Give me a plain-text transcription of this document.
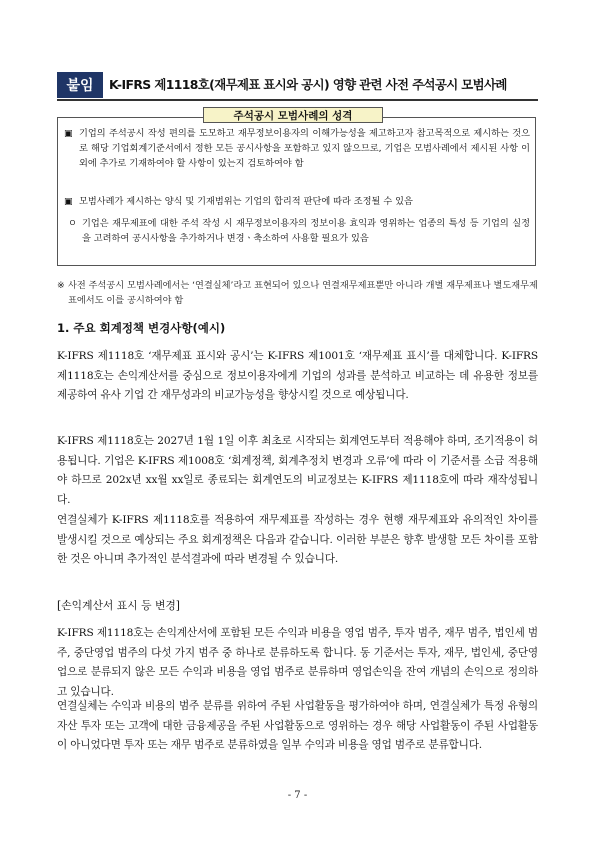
붙임	K-IFRS 제1118호(재무제표 표시와 공시) 영향 관련 사전 주석공시 모범사례
▣ 기업의 주석공시 작성 편의를 도모하고 재무정보이용자의 이해가능성을 제고하고자 참고목적으로 제시하는 것으로 해당 기업회계기준서에서 정한 모든 공시사항을 포함하고 있지 않으므로, 기업은 모범사례에서 제시된 사항 이외에 추가로 기재하여야 할 사항이 있는지 검토하여야 함
▣ 모범사례가 제시하는 양식 및 기재범위는 기업의 합리적 판단에 따라 조정될 수 있음
ㅇ 기업은 재무제표에 대한 주석 작성 시 재무정보이용자의 정보이용 효익과 영위하는 업종의 특성 등 기업의 실정을 고려하여 공시사항을 추가하거나 변경ㆍ축소하여 사용할 필요가 있음
주석공시 모범사례의 성격
※ 사전 주석공시 모범사례에서는 ‘연결실체’라고 표현되어 있으나 연결재무제표뿐만 아니라 개별 재무제표나 별도재무제표에서도 이를 공시하여야 함
1. 주요 회계정책 변경사항(예시)
K-IFRS 제1118호 ‘재무제표 표시와 공시’는 K-IFRS 제1001호 ‘재무제표 표시’를 대체합니다. K-IFRS 제1118호는 손익계산서를 중심으로 정보이용자에게 기업의 성과를 분석하고 비교하는 데 유용한 정보를 제공하여 유사 기업 간 재무성과의 비교가능성을 향상시킬 것으로 예상됩니다.
K-IFRS 제1118호는 2027년 1월 1일 이후 최초로 시작되는 회계연도부터 적용해야 하며, 조기적용이 허용됩니다. 기업은 K-IFRS 제1008호 ‘회계정책, 회계추정치 변경과 오류’에 따라 이 기준서를 소급 적용해야 하므로 202x년 xx월 xx일로 종료되는 회계연도의 비교정보는 K-IFRS 제1118호에 따라 재작성됩니다.
연결실체가 K-IFRS 제1118호를 적용하여 재무제표를 작성하는 경우 현행 재무제표와 유의적인 차이를 발생시킬 것으로 예상되는 주요 회계정책은 다음과 같습니다. 이러한 부분은 향후 발생할 모든 차이를 포함한 것은 아니며 추가적인 분석결과에 따라 변경될 수 있습니다.
[손익계산서 표시 등 변경]
K-IFRS 제1118호는 손익계산서에 포함된 모든 수익과 비용을 영업 범주, 투자 범주, 재무 범주, 법인세 범주, 중단영업 범주의 다섯 가지 범주 중 하나로 분류하도록 합니다. 동 기준서는 투자, 재무, 법인세, 중단영업으로 분류되지 않은 모든 수익과 비용을 영업 범주로 분류하며 영업손익을 잔여 개념의 손익으로 정의하고 있습니다.
연결실체는 수익과 비용의 범주 분류를 위하여 주된 사업활동을 평가하여야 하며, 연결실체가 특정 유형의 자산 투자 또는 고객에 대한 금융제공을 주된 사업활동으로 영위하는 경우 해당 사업활동이 주된 사업활동이 아니었다면 투자 또는 재무 범주로 분류하였을 일부 수익과 비용을 영업 범주로 분류합니다.
- 7 -
